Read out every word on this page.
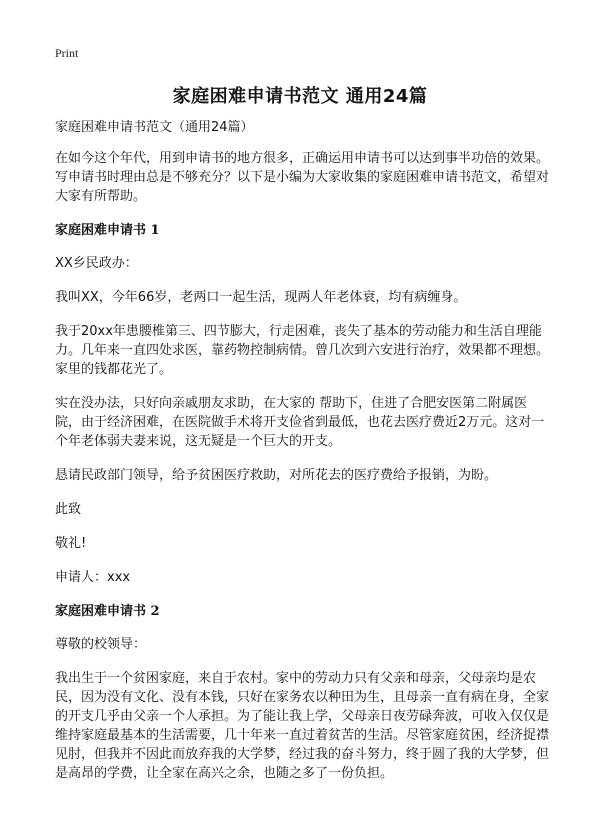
Print
家庭困难申请书范文 通用24篇

家庭困难申请书范文（通用24篇）

在如今这个年代，用到申请书的地方很多，正确运用申请书可以达到事半功倍的效果。写申请书时理由总是不够充分？以下是小编为大家收集的家庭困难申请书范文，希望对大家有所帮助。

家庭困难申请书 1

XX乡民政办：

我叫XX，今年66岁，老两口一起生活，现两人年老体衰，均有病缠身。

我于20xx年患腰椎第三、四节膨大，行走困难，丧失了基本的劳动能力和生活自理能力。几年来一直四处求医，靠药物控制病情。曾几次到六安进行治疗，效果都不理想。家里的钱都花光了。

实在没办法，只好向亲戚朋友求助，在大家的 帮助下，住进了合肥安医第二附属医院，由于经济困难，在医院做手术将开支俭省到最低，也花去医疗费近2万元。这对一个年老体弱夫妻来说，这无疑是一个巨大的开支。

恳请民政部门领导，给予贫困医疗救助，对所花去的医疗费给予报销，为盼。

此致

敬礼!

申请人：xxx

家庭困难申请书 2

尊敬的校领导：

我出生于一个贫困家庭，来自于农村。家中的劳动力只有父亲和母亲，父母亲均是农民，因为没有文化、没有本钱，只好在家务农以种田为生，且母亲一直有病在身，全家的开支几乎由父亲一个人承担。为了能让我上学，父母亲日夜劳碌奔波，可收入仅仅是维持家庭最基本的生活需要，几十年来一直过着贫苦的生活。尽管家庭贫困，经济捉襟见肘，但我并不因此而放弃我的大学梦，经过我的奋斗努力，终于圆了我的大学梦，但是高昂的学费，让全家在高兴之余，也随之多了一份负担。
